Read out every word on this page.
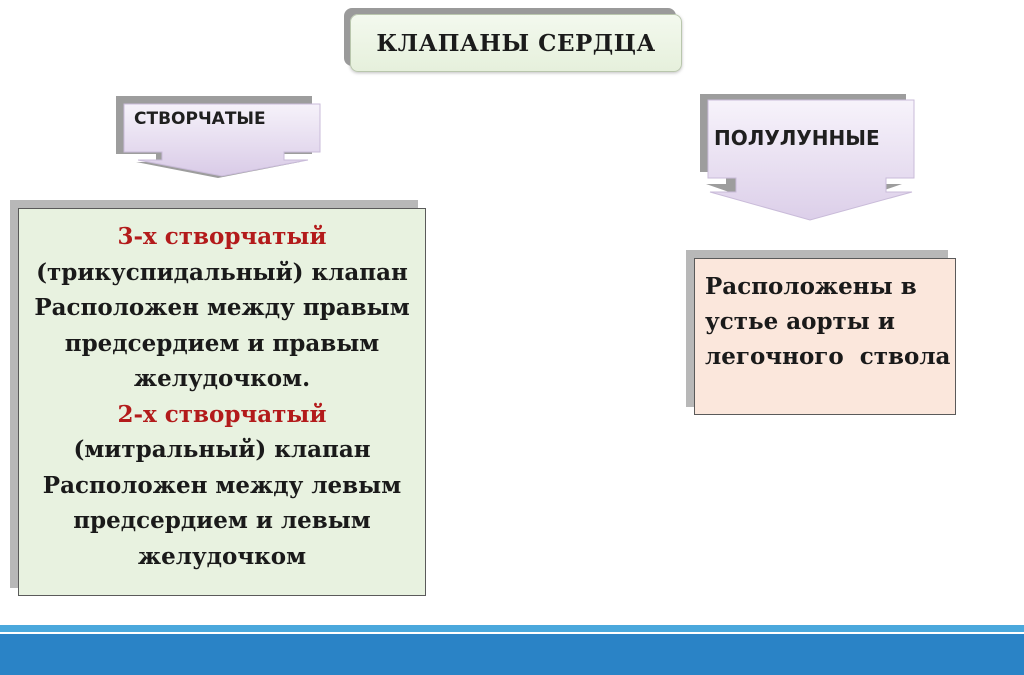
КЛАПАНЫ СЕРДЦА
СТВОРЧАТЫЕ
ПОЛУЛУННЫЕ
3-х створчатый
(трикуспидальный) клапан
Расположен между правым
предсердием и правым
желудочком.
2-х створчатый
(митральный) клапан
Расположен между левым
предсердием и левым
желудочком
Расположены в
устье аорты и
легочного  ствола
